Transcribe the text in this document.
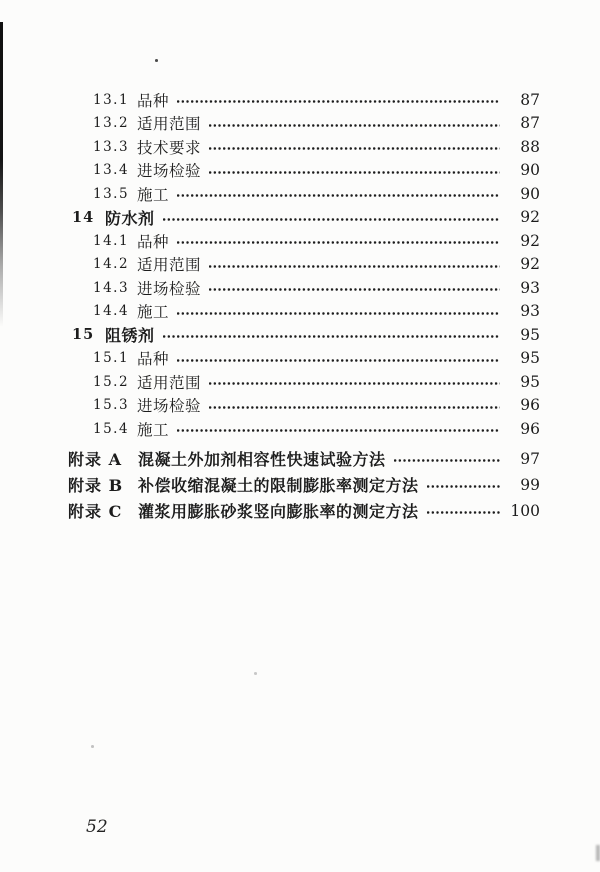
13.1 品种	87
13.2 适用范围	87
13.3 技术要求	88
13.4 进场检验	90
13.5 施工	90
14 防水剂	92
14.1 品种	92
14.2 适用范围	92
14.3 进场检验	93
14.4 施工	93
15 阻锈剂	95
15.1 品种	95
15.2 适用范围	95
15.3 进场检验	96
15.4 施工	96
附录 A	混凝土外加剂相容性快速试验方法	97
附录 B 补偿收缩混凝土的限制膨胀率测定方法	99
附录 C 灌浆用膨胀砂浆竖向膨胀率的测定方法	100
52
